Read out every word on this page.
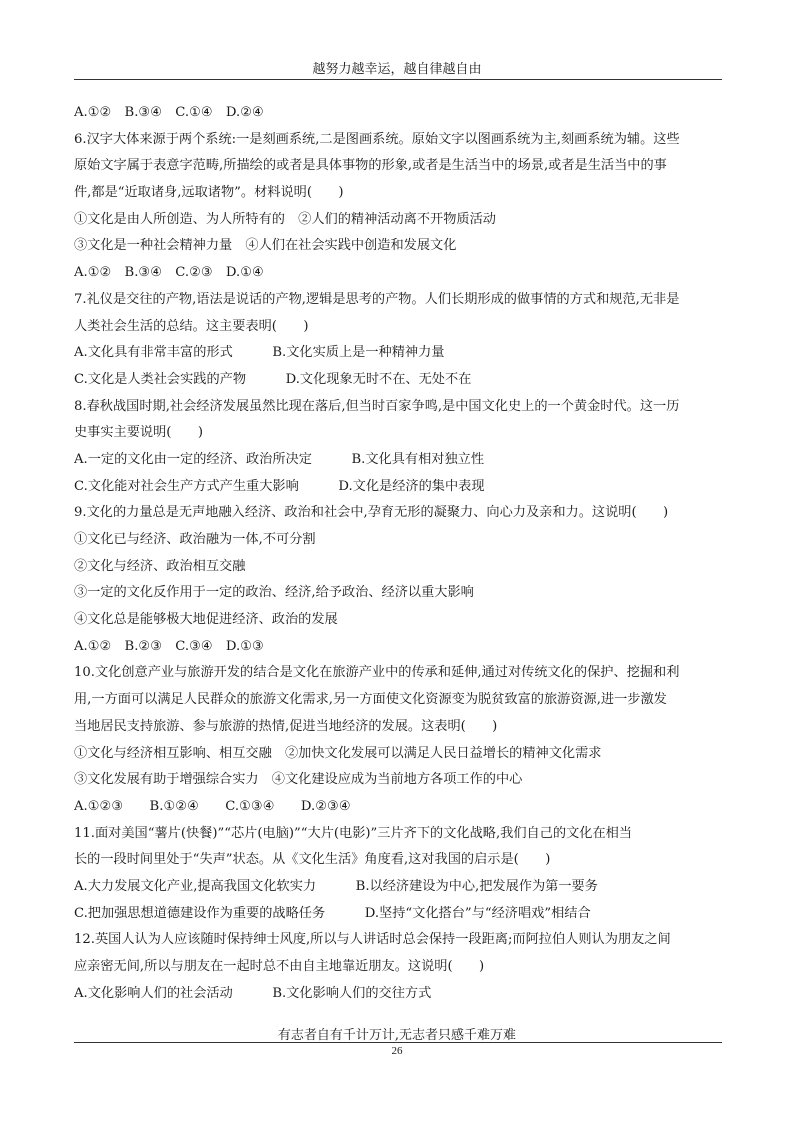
越努力越幸运，越自律越自由
A.①②　B.③④　C.①④　D.②④
6.汉字大体来源于两个系统:一是刻画系统,二是图画系统。原始文字以图画系统为主,刻画系统为辅。这些
原始文字属于表意字范畴,所描绘的或者是具体事物的形象,或者是生活当中的场景,或者是生活当中的事
件,都是“近取诸身,远取诸物”。材料说明(　　)
①文化是由人所创造、为人所特有的　②人们的精神活动离不开物质活动
③文化是一种社会精神力量　④人们在社会实践中创造和发展文化
A.①②　B.③④　C.②③　D.①④
7.礼仪是交往的产物,语法是说话的产物,逻辑是思考的产物。人们长期形成的做事情的方式和规范,无非是
人类社会生活的总结。这主要表明(　　)
A.文化具有非常丰富的形式　　　B.文化实质上是一种精神力量
C.文化是人类社会实践的产物　　　D.文化现象无时不在、无处不在
8.春秋战国时期,社会经济发展虽然比现在落后,但当时百家争鸣,是中国文化史上的一个黄金时代。这一历
史事实主要说明(　　)
A.一定的文化由一定的经济、政治所决定　　　B.文化具有相对独立性
C.文化能对社会生产方式产生重大影响　　　D.文化是经济的集中表现
9.文化的力量总是无声地融入经济、政治和社会中,孕育无形的凝聚力、向心力及亲和力。这说明(　　)
①文化已与经济、政治融为一体,不可分割
②文化与经济、政治相互交融
③一定的文化反作用于一定的政治、经济,给予政治、经济以重大影响
④文化总是能够极大地促进经济、政治的发展
A.①②　B.②③　C.③④　D.①③
10.文化创意产业与旅游开发的结合是文化在旅游产业中的传承和延伸,通过对传统文化的保护、挖掘和利
用,一方面可以满足人民群众的旅游文化需求,另一方面使文化资源变为脱贫致富的旅游资源,进一步激发
当地居民支持旅游、参与旅游的热情,促进当地经济的发展。这表明(　　)
①文化与经济相互影响、相互交融　②加快文化发展可以满足人民日益增长的精神文化需求
③文化发展有助于增强综合实力　④文化建设应成为当前地方各项工作的中心
A.①②③　　B.①②④　　C.①③④　　D.②③④
11.面对美国“薯片(快餐)”“芯片(电脑)”“大片(电影)”三片齐下的文化战略,我们自己的文化在相当
长的一段时间里处于“失声”状态。从《文化生活》角度看,这对我国的启示是(　　)
A.大力发展文化产业,提高我国文化软实力　　　B.以经济建设为中心,把发展作为第一要务
C.把加强思想道德建设作为重要的战略任务　　　D.坚持“文化搭台”与“经济唱戏”相结合
12.英国人认为人应该随时保持绅士风度,所以与人讲话时总会保持一段距离;而阿拉伯人则认为朋友之间
应亲密无间,所以与朋友在一起时总不由自主地靠近朋友。这说明(　　)
A.文化影响人们的社会活动　　　B.文化影响人们的交往方式
有志者自有千计万计,无志者只感千难万难
26
